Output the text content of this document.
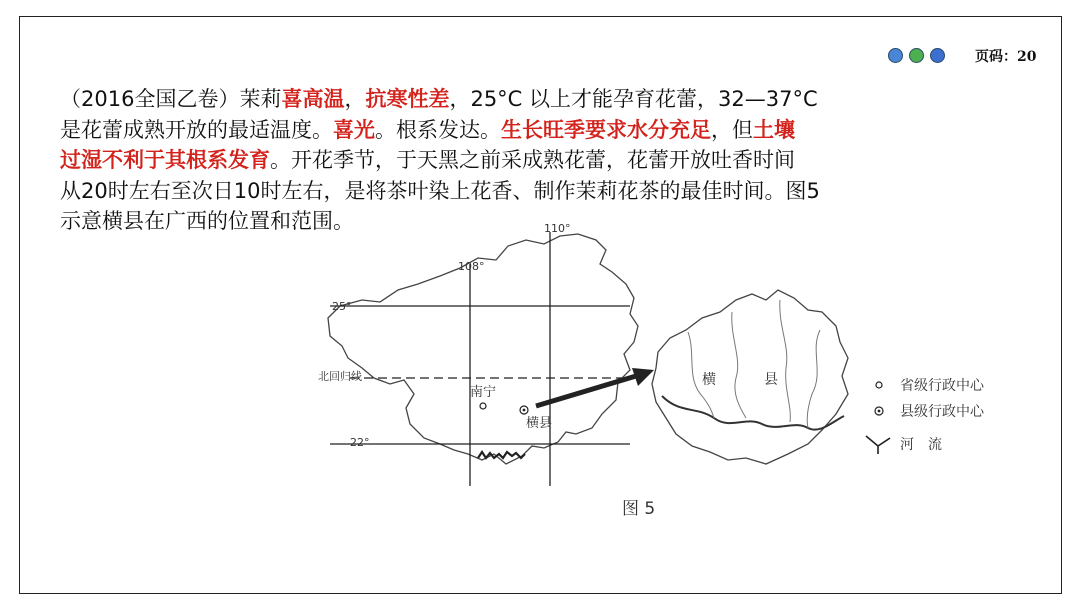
页码：20
（2016全国乙卷）茉莉喜高温，抗寒性差，25°C 以上才能孕育花蕾，32—37°C
是花蕾成熟开放的最适温度。喜光。根系发达。生长旺季要求水分充足，但土壤
过湿不利于其根系发育。开花季节，于天黑之前采成熟花蕾，花蕾开放吐香时间
从20时左右至次日10时左右，是将茶叶染上花香、制作茉莉花茶的最佳时间。图5
示意横县在广西的位置和范围。	110°
108°
25°
22°
北回归线
南宁
横县
横	县	省级行政中心
县级行政中心
河　流
图 5
